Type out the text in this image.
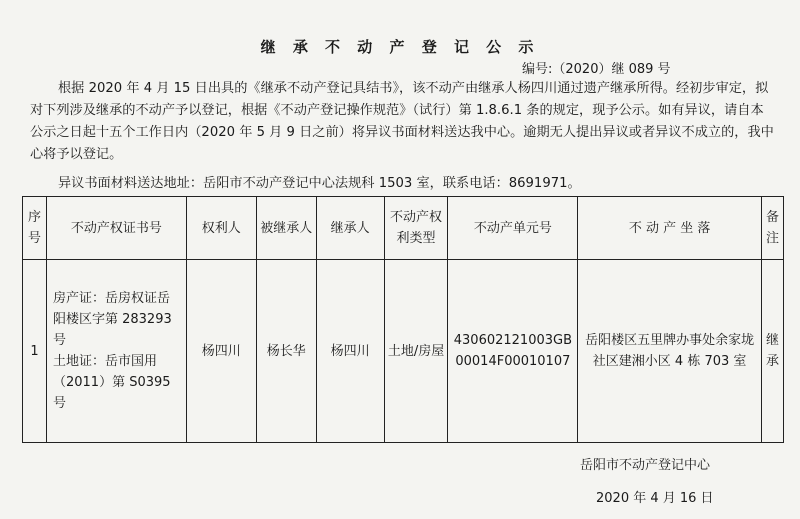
继 承 不 动 产 登 记 公 示
编号:（2020）继 089 号
根据 2020 年 4 月 15 日出具的《继承不动产登记具结书》，该不动产由继承人杨四川通过遗产继承所得。经初步审定，拟对下列涉及继承的不动产予以登记，根据《不动产登记操作规范》（试行）第 1.8.6.1 条的规定，现予公示。如有异议，请自本公示之日起十五个工作日内（2020 年 5 月 9 日之前）将异议书面材料送达我中心。逾期无人提出异议或者异议不成立的，我中心将予以登记。
异议书面材料送达地址：岳阳市不动产登记中心法规科 1503 室，联系电话：8691971。
序号	不动产权证书号	权利人	被继承人	继承人	不动产权利类型	不动产单元号	不 动 产 坐 落	备注
1	房产证：岳房权证岳阳楼区字第 283293 号
土地证：岳市国用（2011）第 S0395 号	杨四川	杨长华	杨四川	土地/房屋	430602121003GB00014F00010107	岳阳楼区五里牌办事处余家垅社区建湘小区 4 栋 703 室	继承
岳阳市不动产登记中心
2020 年 4 月 16 日
